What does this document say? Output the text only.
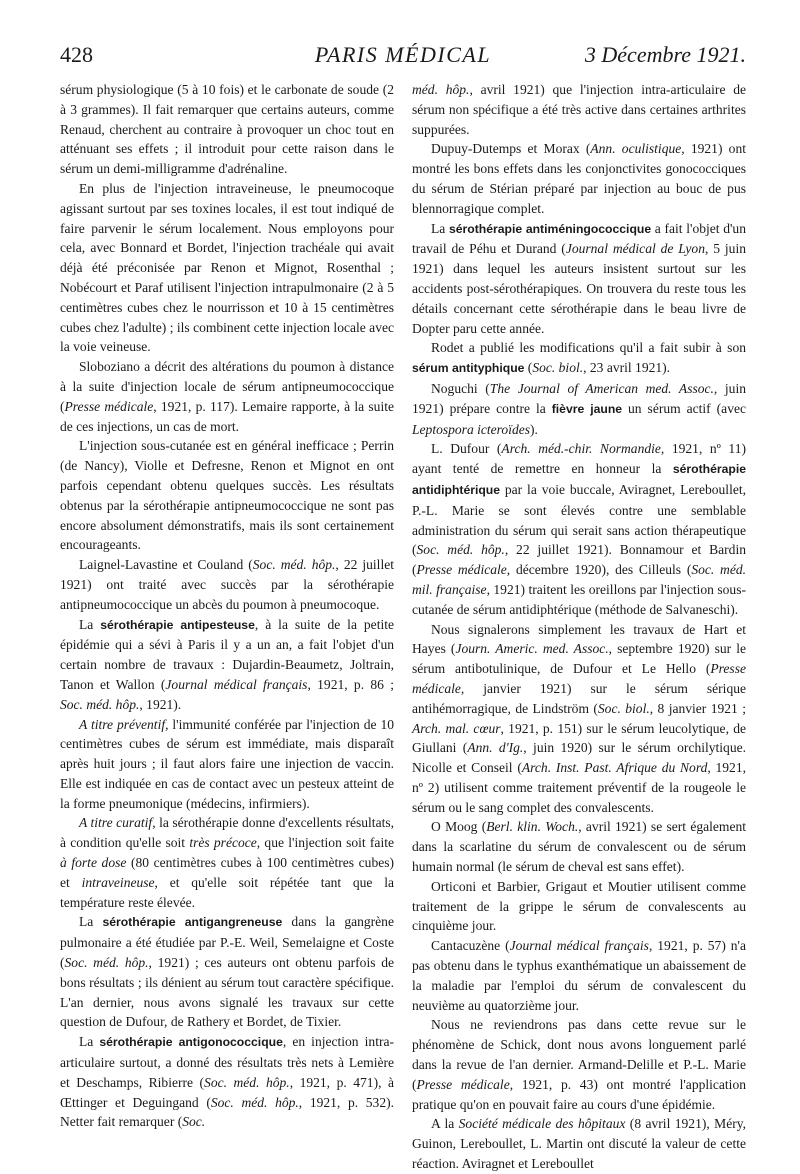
428	PARIS MÉDICAL	3 Décembre 1921.

sérum physiologique (5 à 10 fois) et le carbonate de soude (2 à 3 grammes). Il fait remarquer que certains auteurs, comme Renaud, cherchent au contraire à provoquer un choc tout en atténuant ses effets ; il introduit pour cette raison dans le sérum un demi-milligramme d'adrénaline.

En plus de l'injection intraveineuse, le pneumocoque agissant surtout par ses toxines locales, il est tout indiqué de faire parvenir le sérum localement. Nous employons pour cela, avec Bonnard et Bordet, l'injection trachéale qui avait déjà été préconisée par Renon et Mignot, Rosenthal ; Nobécourt et Paraf utilisent l'injection intrapulmonaire (2 à 5 centimètres cubes chez le nourrisson et 10 à 15 centimètres cubes chez l'adulte) ; ils combinent cette injection locale avec la voie veineuse.

Sloboziano a décrit des altérations du poumon à distance à la suite d'injection locale de sérum antipneumococcique (Presse médicale, 1921, p. 117). Lemaire rapporte, à la suite de ces injections, un cas de mort.

L'injection sous-cutanée est en général inefficace ; Perrin (de Nancy), Violle et Defresne, Renon et Mignot en ont parfois cependant obtenu quelques succès. Les résultats obtenus par la sérothérapie antipneumococcique ne sont pas encore absolument démonstratifs, mais ils sont certainement encourageants.

Laignel-Lavastine et Couland (Soc. méd. hôp., 22 juillet 1921) ont traité avec succès par la sérothérapie antipneumococcique un abcès du poumon à pneumocoque.

La sérothérapie antipesteuse, à la suite de la petite épidémie qui a sévi à Paris il y a un an, a fait l'objet d'un certain nombre de travaux : Dujardin-Beaumetz, Joltrain, Tanon et Wallon (Journal médical français, 1921, p. 86 ; Soc. méd. hôp., 1921).

A titre préventif, l'immunité conférée par l'injection de 10 centimètres cubes de sérum est immédiate, mais disparaît après huit jours ; il faut alors faire une injection de vaccin. Elle est indiquée en cas de contact avec un pesteux atteint de la forme pneumonique (médecins, infirmiers).

A titre curatif, la sérothérapie donne d'excellents résultats, à condition qu'elle soit très précoce, que l'injection soit faite à forte dose (80 centimètres cubes à 100 centimètres cubes) et intraveineuse, et qu'elle soit répétée tant que la température reste élevée.

La sérothérapie antigangreneuse dans la gangrène pulmonaire a été étudiée par P.-E. Weil, Semelaigne et Coste (Soc. méd. hôp., 1921) ; ces auteurs ont obtenu parfois de bons résultats ; ils dénient au sérum tout caractère spécifique. L'an dernier, nous avons signalé les travaux sur cette question de Dufour, de Rathery et Bordet, de Tixier.

La sérothérapie antigonococcique, en injection intra-articulaire surtout, a donné des résultats très nets à Lemière et Deschamps, Ribierre (Soc. méd. hôp., 1921, p. 471), à Œttinger et Deguingand (Soc. méd. hôp., 1921, p. 532). Netter fait remarquer (Soc.

méd. hôp., avril 1921) que l'injection intra-articulaire de sérum non spécifique a été très active dans certaines arthrites suppurées.

Dupuy-Dutemps et Morax (Ann. oculistique, 1921) ont montré les bons effets dans les conjonctivites gonococciques du sérum de Stérian préparé par injection au bouc de pus blennorragique complet.

La sérothérapie antiméningococcique a fait l'objet d'un travail de Péhu et Durand (Journal médical de Lyon, 5 juin 1921) dans lequel les auteurs insistent surtout sur les accidents post-sérothérapiques. On trouvera du reste tous les détails concernant cette sérothérapie dans le beau livre de Dopter paru cette année.

Rodet a publié les modifications qu'il a fait subir à son sérum antityphique (Soc. biol., 23 avril 1921).

Noguchi (The Journal of American med. Assoc., juin 1921) prépare contre la fièvre jaune un sérum actif (avec Leptospora icteroïdes).

L. Dufour (Arch. méd.-chir. Normandie, 1921, nº 11) ayant tenté de remettre en honneur la sérothérapie antidiphtérique par la voie buccale, Aviragnet, Lereboullet, P.-L. Marie se sont élevés contre une semblable administration du sérum qui serait sans action thérapeutique (Soc. méd. hôp., 22 juillet 1921). Bonnamour et Bardin (Presse médicale, décembre 1920), des Cilleuls (Soc. méd. mil. française, 1921) traitent les oreillons par l'injection sous-cutanée de sérum antidiphtérique (méthode de Salvaneschi).

Nous signalerons simplement les travaux de Hart et Hayes (Journ. Americ. med. Assoc., septembre 1920) sur le sérum antibotulinique, de Dufour et Le Hello (Presse médicale, janvier 1921) sur le sérum sérique antihémorragique, de Lindström (Soc. biol., 8 janvier 1921 ; Arch. mal. cœur, 1921, p. 151) sur le sérum leucolytique, de Giullani (Ann. d'Ig., juin 1920) sur le sérum orchilytique. Nicolle et Conseil (Arch. Inst. Past. Afrique du Nord, 1921, nº 2) utilisent comme traitement préventif de la rougeole le sérum ou le sang complet des convalescents.

O Moog (Berl. klin. Woch., avril 1921) se sert également dans la scarlatine du sérum de convalescent ou de sérum humain normal (le sérum de cheval est sans effet).

Orticoni et Barbier, Grigaut et Moutier utilisent comme traitement de la grippe le sérum de convalescents au cinquième jour.

Cantacuzène (Journal médical français, 1921, p. 57) n'a pas obtenu dans le typhus exanthématique un abaissement de la maladie par l'emploi du sérum de convalescent du neuvième au quatorzième jour.

Nous ne reviendrons pas dans cette revue sur le phénomène de Schick, dont nous avons longuement parlé dans la revue de l'an dernier. Armand-Delille et P.-L. Marie (Presse médicale, 1921, p. 43) ont montré l'application pratique qu'on en pouvait faire au cours d'une épidémie.

A la Société médicale des hôpitaux (8 avril 1921), Méry, Guinon, Lereboullet, L. Martin ont discuté la valeur de cette réaction. Aviragnet et Lereboullet
